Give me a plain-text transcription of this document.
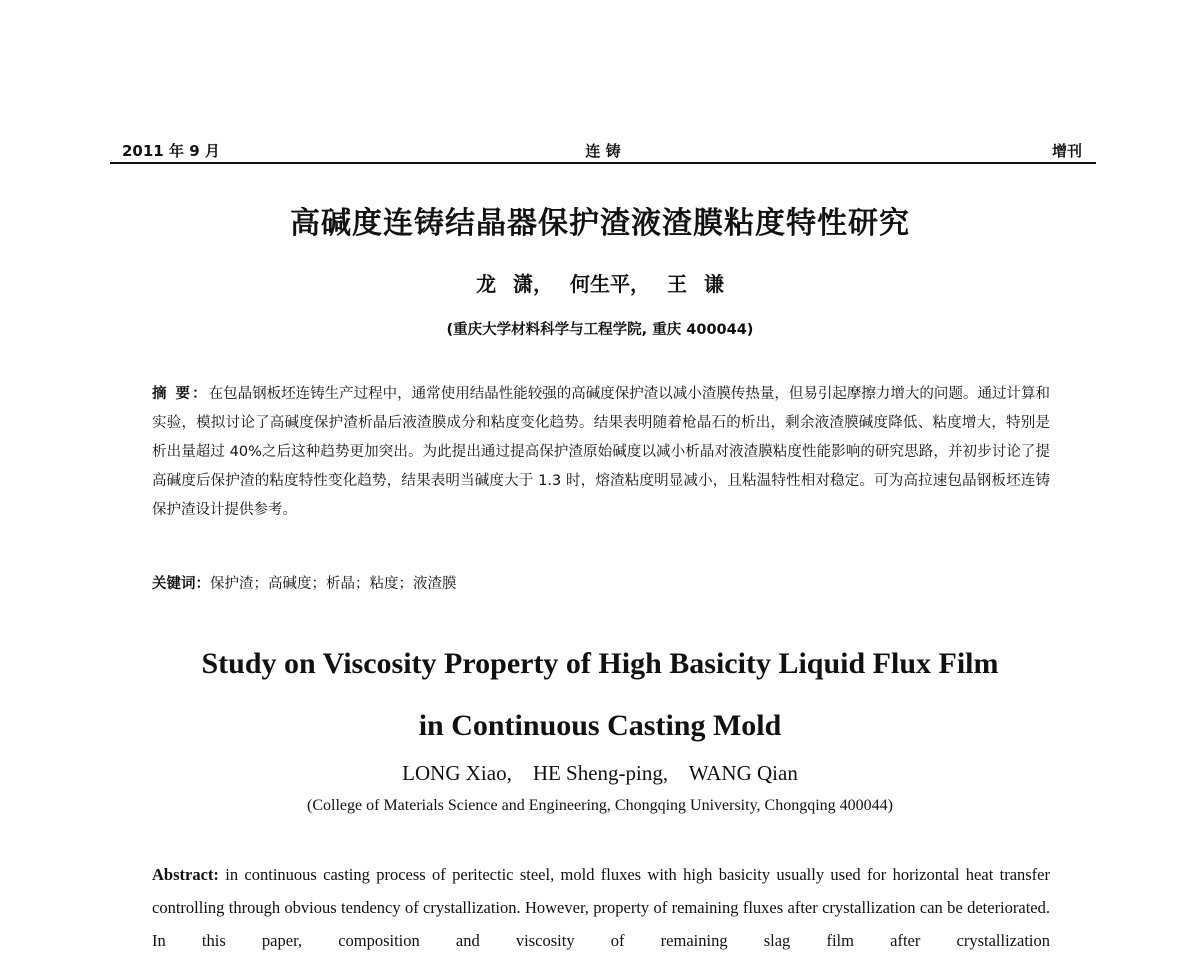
2011 年 9 月	连 铸	增刊
高碱度连铸结晶器保护渣液渣膜粘度特性研究
龙 潇， 何生平， 王 谦
(重庆大学材料科学与工程学院, 重庆 400044)
摘 要：在包晶钢板坯连铸生产过程中，通常使用结晶性能较强的高碱度保护渣以减小渣膜传热量，但易引起摩擦力增大的问题。通过计算和实验，模拟讨论了高碱度保护渣析晶后液渣膜成分和粘度变化趋势。结果表明随着枪晶石的析出，剩余液渣膜碱度降低、粘度增大，特别是析出量超过 40%之后这种趋势更加突出。为此提出通过提高保护渣原始碱度以减小析晶对液渣膜粘度性能影响的研究思路，并初步讨论了提高碱度后保护渣的粘度特性变化趋势，结果表明当碱度大于 1.3 时，熔渣粘度明显减小，且粘温特性相对稳定。可为高拉速包晶钢板坯连铸保护渣设计提供参考。
关键词：保护渣；高碱度；析晶；粘度；液渣膜
Study on Viscosity Property of High Basicity Liquid Flux Film
in Continuous Casting Mold
LONG Xiao,    HE Sheng-ping,    WANG Qian
(College of Materials Science and Engineering, Chongqing University, Chongqing 400044)
Abstract: in continuous casting process of peritectic steel, mold fluxes with high basicity usually used for horizontal heat transfer controlling through obvious tendency of crystallization. However, property of remaining fluxes after crystallization can be deteriorated. In this paper, composition and viscosity of remaining slag film after crystallization
